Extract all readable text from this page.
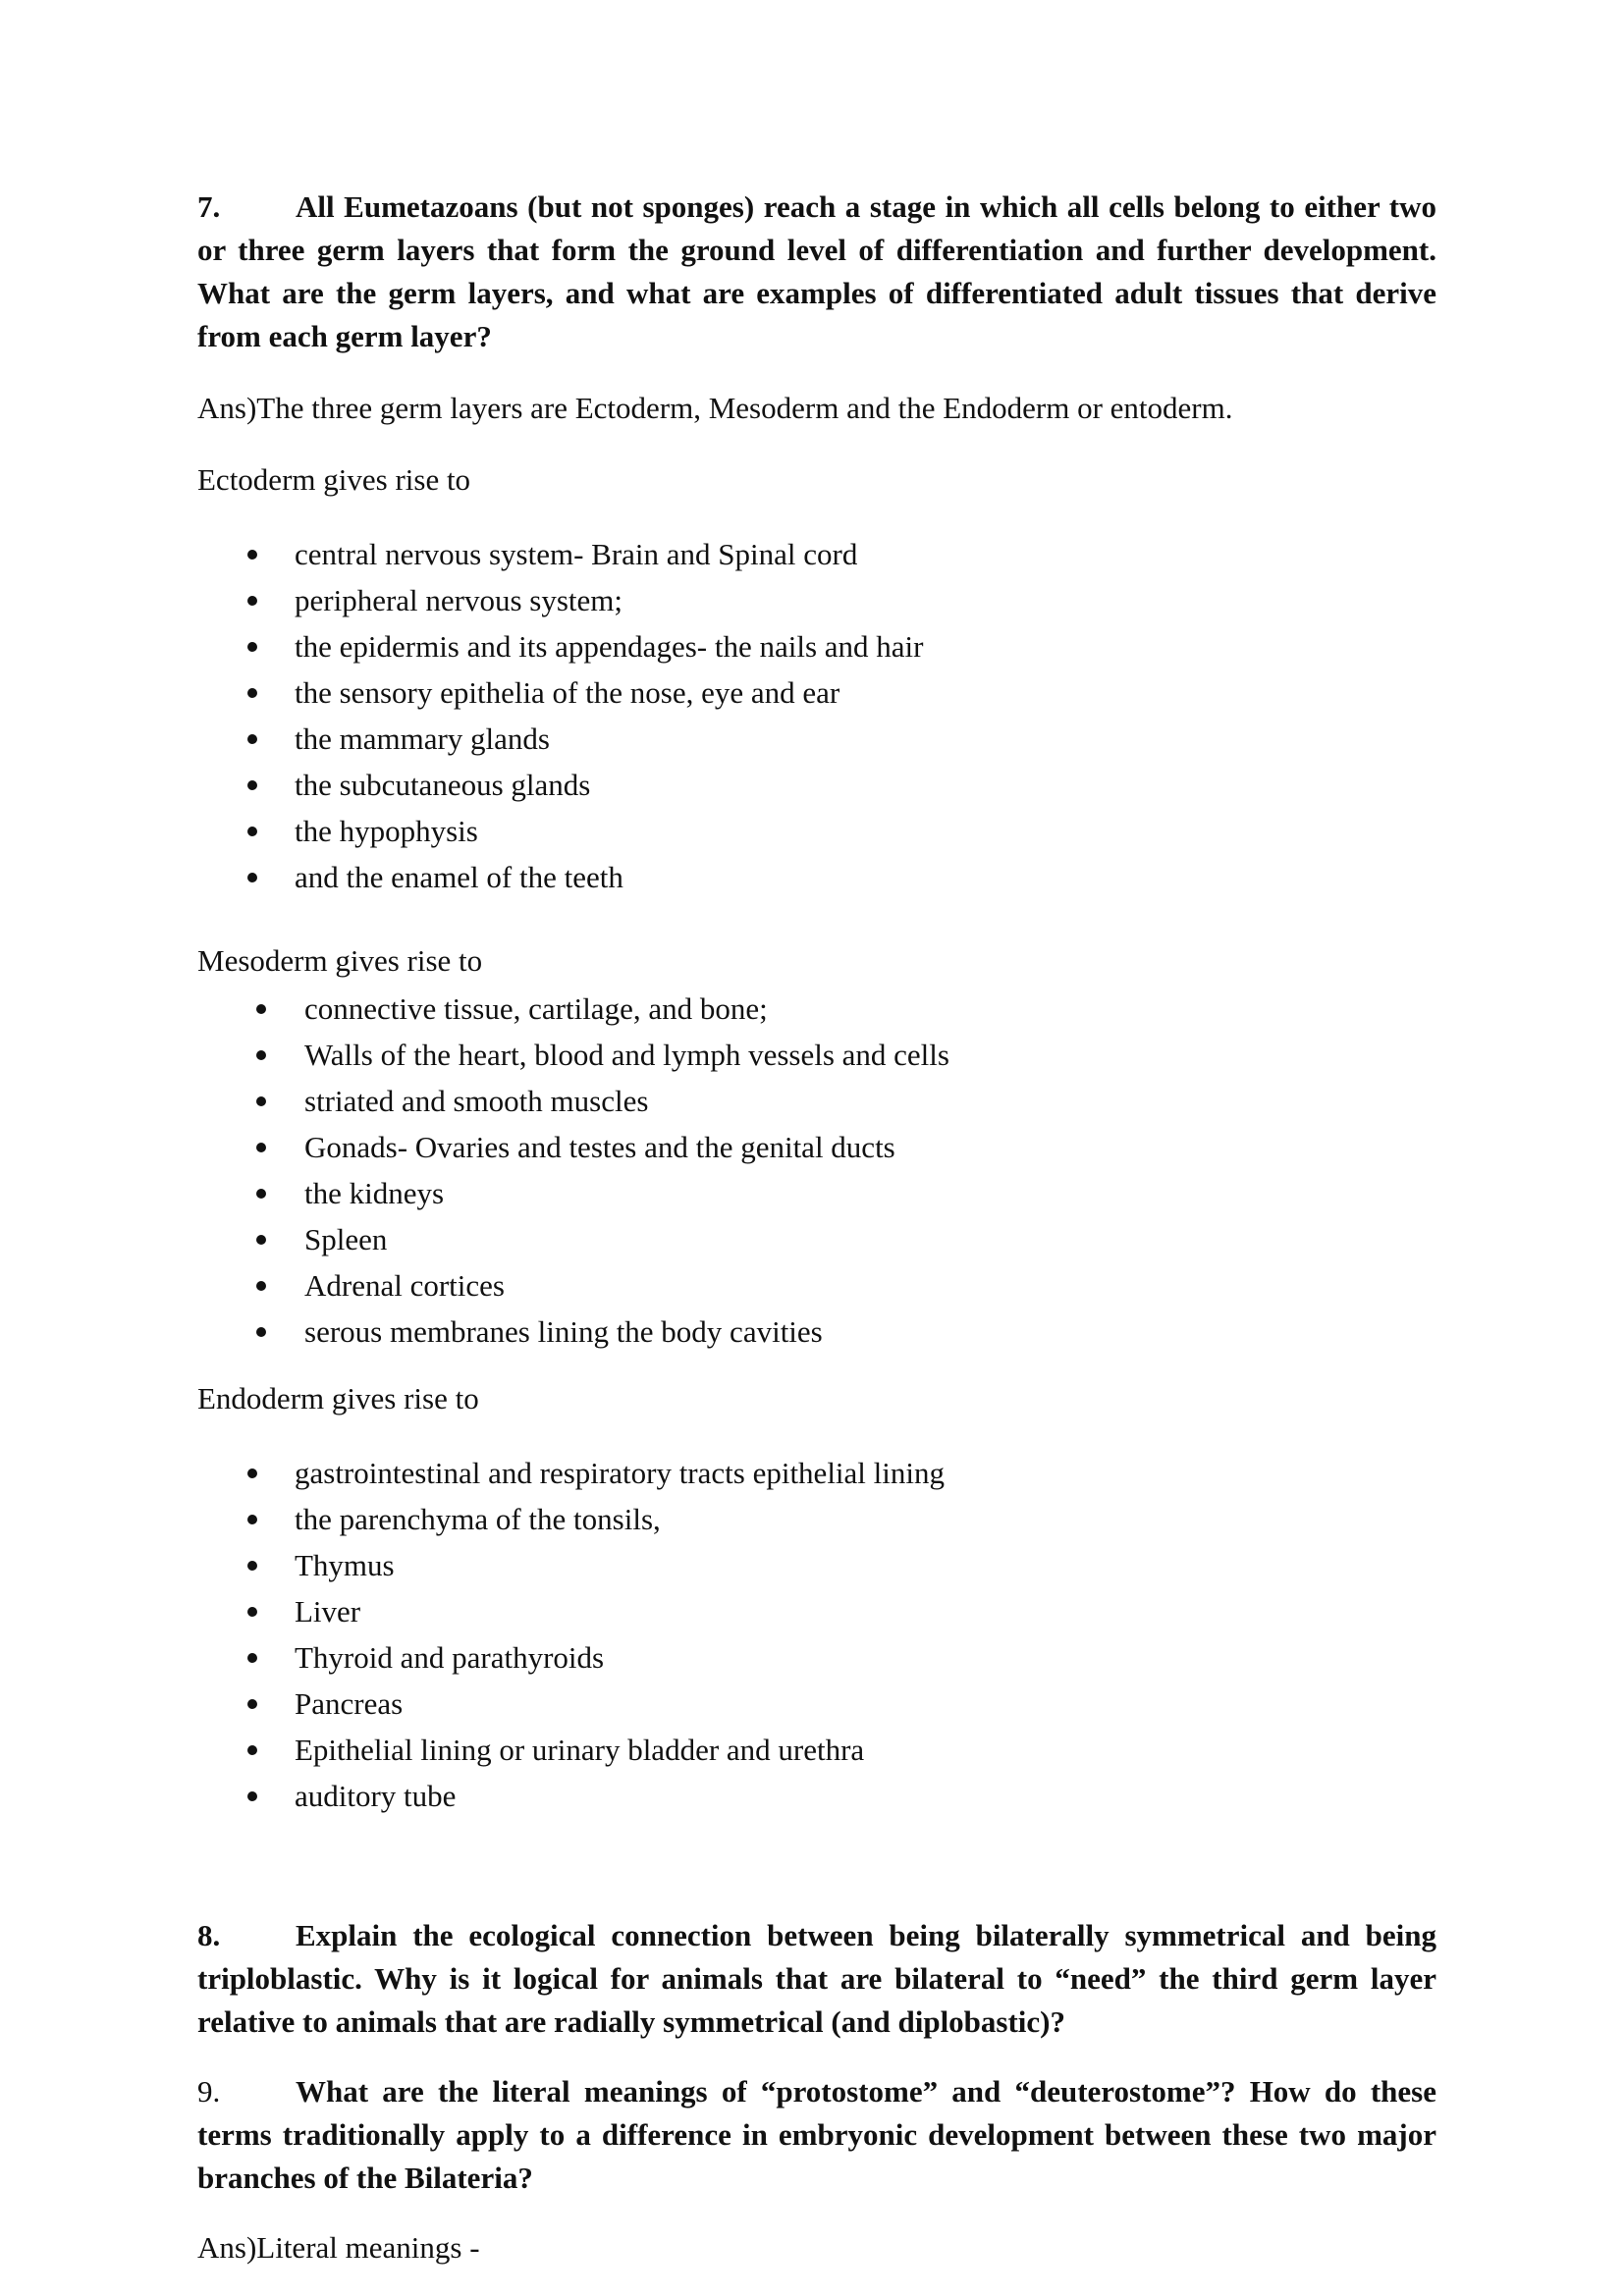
7. All Eumetazoans (but not sponges) reach a stage in which all cells belong to either two or three germ layers that form the ground level of differentiation and further development. What are the germ layers, and what are examples of differentiated adult tissues that derive from each germ layer?

Ans)The three germ layers are Ectoderm, Mesoderm and the Endoderm or entoderm.

Ectoderm gives rise to

central nervous system- Brain and Spinal cord
peripheral nervous system;
the epidermis and its appendages- the nails and hair
the sensory epithelia of the nose, eye and ear
the mammary glands
the subcutaneous glands
the hypophysis
and the enamel of the teeth

Mesoderm gives rise to

connective tissue, cartilage, and bone;
Walls of the heart, blood and lymph vessels and cells
striated and smooth muscles
Gonads- Ovaries and testes and the genital ducts
the kidneys
Spleen
Adrenal cortices
serous membranes lining the body cavities

Endoderm gives rise to

gastrointestinal and respiratory tracts epithelial lining
the parenchyma of the tonsils,
Thymus
Liver
Thyroid and parathyroids
Pancreas
Epithelial lining or urinary bladder and urethra
auditory tube

8. Explain the ecological connection between being bilaterally symmetrical and being triploblastic. Why is it logical for animals that are bilateral to “need” the third germ layer relative to animals that are radially symmetrical (and diplobastic)?

9. What are the literal meanings of “protostome” and “deuterostome”? How do these terms traditionally apply to a difference in embryonic development between these two major branches of the Bilateria?

Ans)Literal meanings -
